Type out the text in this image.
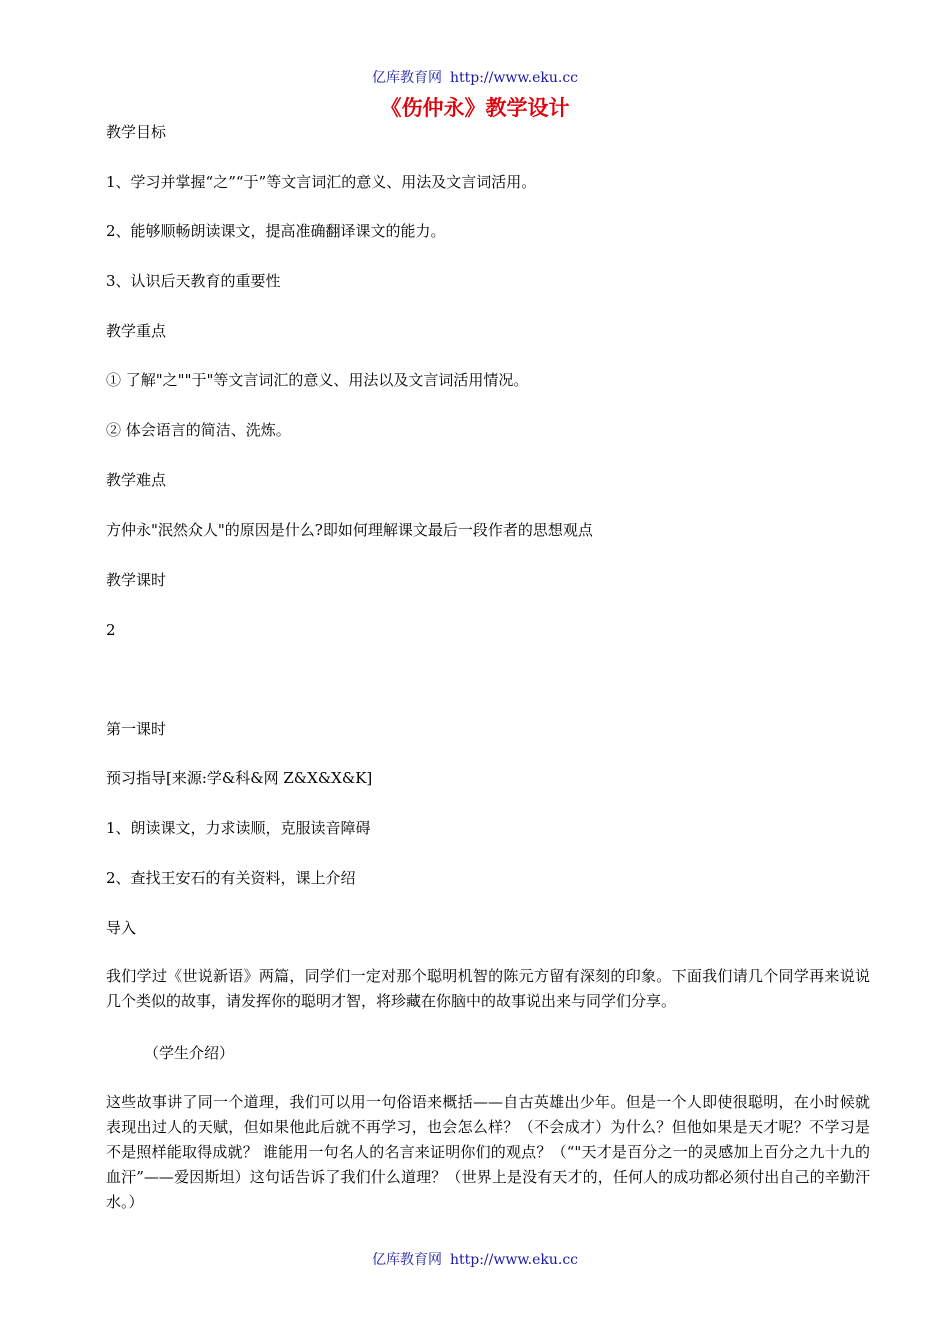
亿库教育网 http://www.eku.cc
《伤仲永》教学设计
教学目标
1、学习并掌握“之”“于”等文言词汇的意义、用法及文言词活用。
2、能够顺畅朗读课文，提高准确翻译课文的能力。
3、认识后天教育的重要性
教学重点
① 了解"之""于"等文言词汇的意义、用法以及文言词活用情况。
② 体会语言的简洁、洗炼。
教学难点
方仲永"泯然众人"的原因是什么?即如何理解课文最后一段作者的思想观点
教学课时
2
第一课时
预习指导[来源:学&科&网 Z&X&X&K]
1、朗读课文，力求读顺，克服读音障碍
2、查找王安石的有关资料，课上介绍
导入
我们学过《世说新语》两篇，同学们一定对那个聪明机智的陈元方留有深刻的印象。下面我们请几个同学再来说说几个类似的故事，请发挥你的聪明才智，将珍藏在你脑中的故事说出来与同学们分享。
（学生介绍）
这些故事讲了同一个道理，我们可以用一句俗语来概括——自古英雄出少年。但是一个人即使很聪明，在小时候就表现出过人的天赋，但如果他此后就不再学习，也会怎么样？（不会成才）为什么？但他如果是天才呢？不学习是不是照样能取得成就？ 谁能用一句名人的名言来证明你们的观点？（“"天才是百分之一的灵感加上百分之九十九的血汗”——爱因斯坦）这句话告诉了我们什么道理？（世界上是没有天才的，任何人的成功都必须付出自己的辛勤汗水。）
亿库教育网 http://www.eku.cc
